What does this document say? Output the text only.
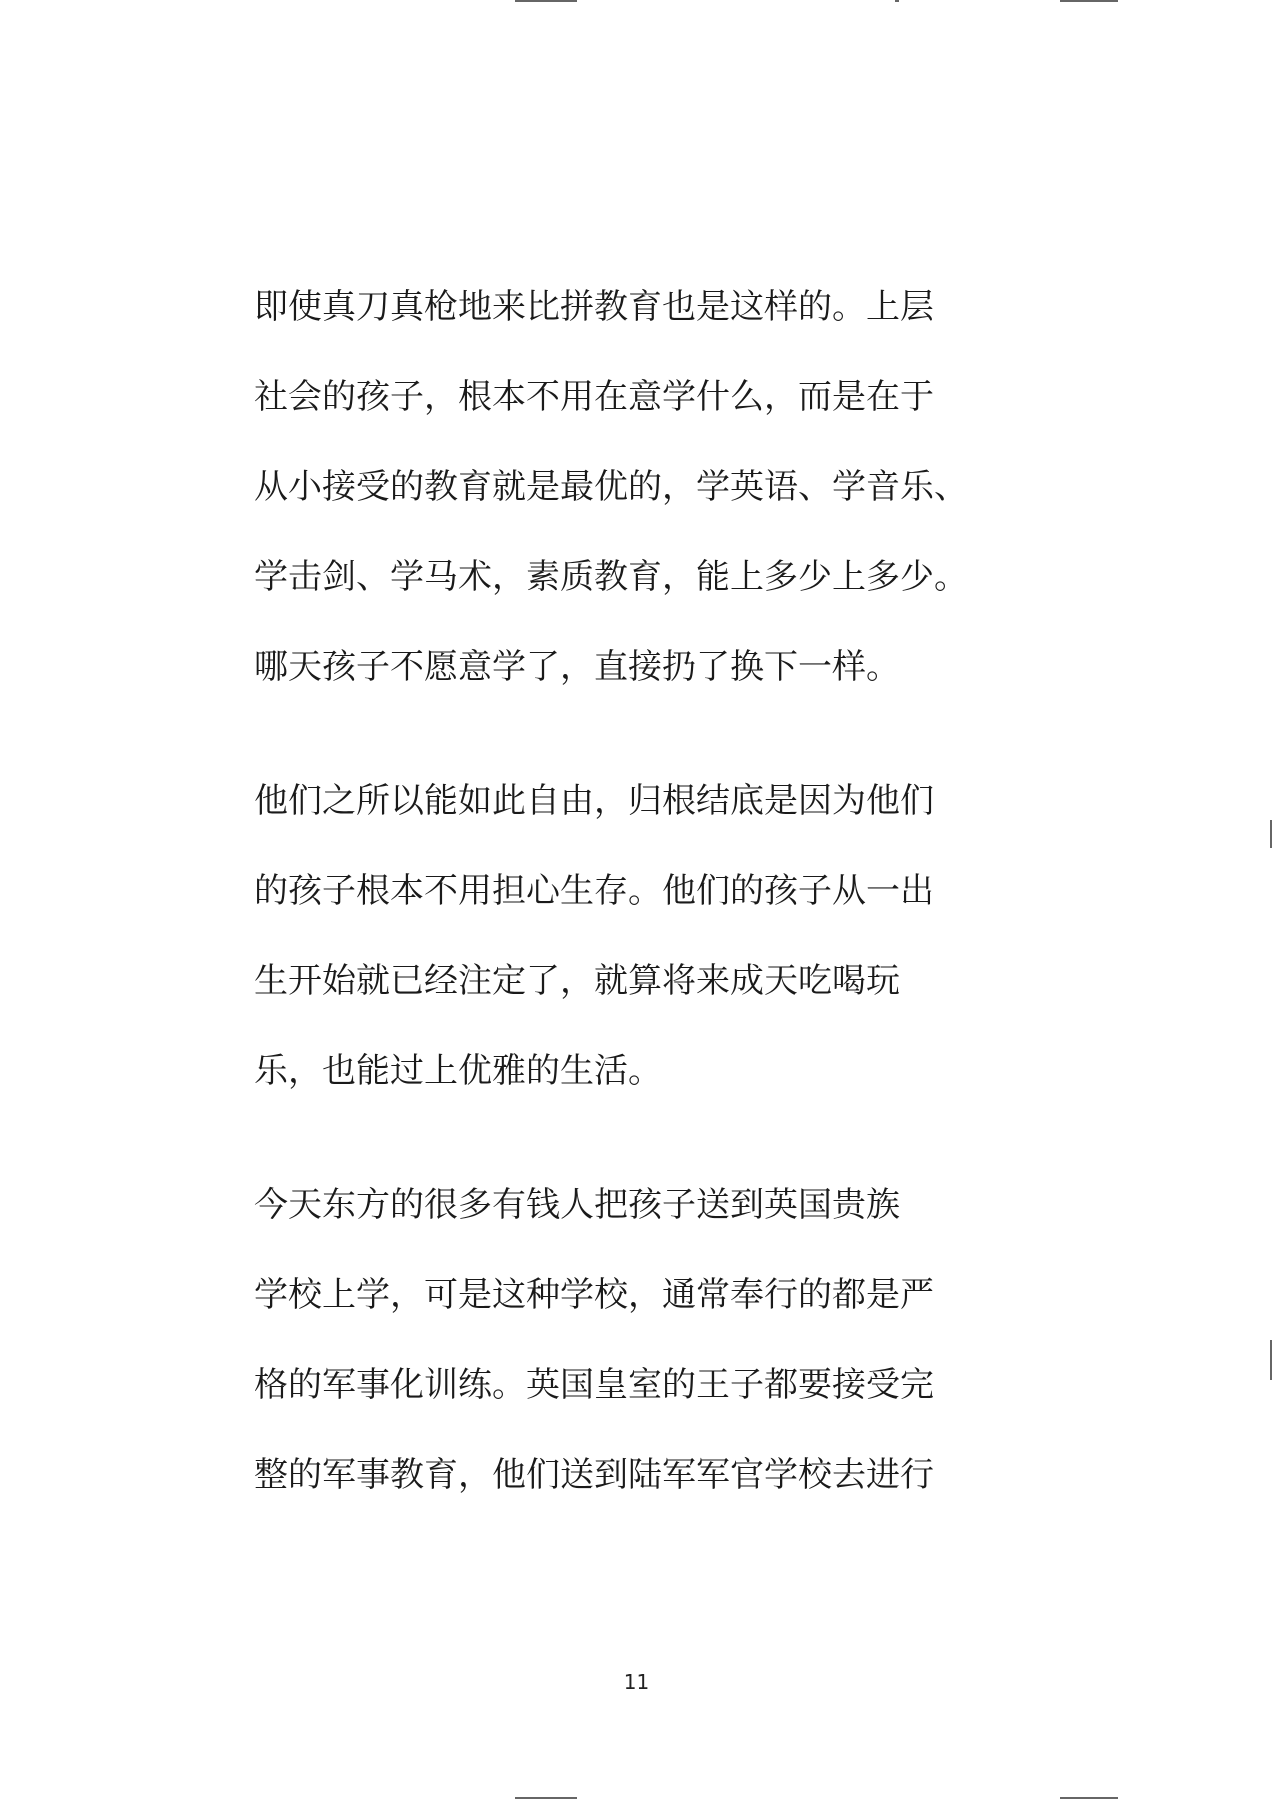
即使真刀真枪地来比拼教育也是这样的。上层
社会的孩子，根本不用在意学什么，而是在于
从小接受的教育就是最优的，学英语、学音乐、
学击剑、学马术，素质教育，能上多少上多少。
哪天孩子不愿意学了，直接扔了换下一样。
他们之所以能如此自由，归根结底是因为他们
的孩子根本不用担心生存。他们的孩子从一出
生开始就已经注定了，就算将来成天吃喝玩
乐，也能过上优雅的生活。
今天东方的很多有钱人把孩子送到英国贵族
学校上学，可是这种学校，通常奉行的都是严
格的军事化训练。英国皇室的王子都要接受完
整的军事教育，他们送到陆军军官学校去进行
11
